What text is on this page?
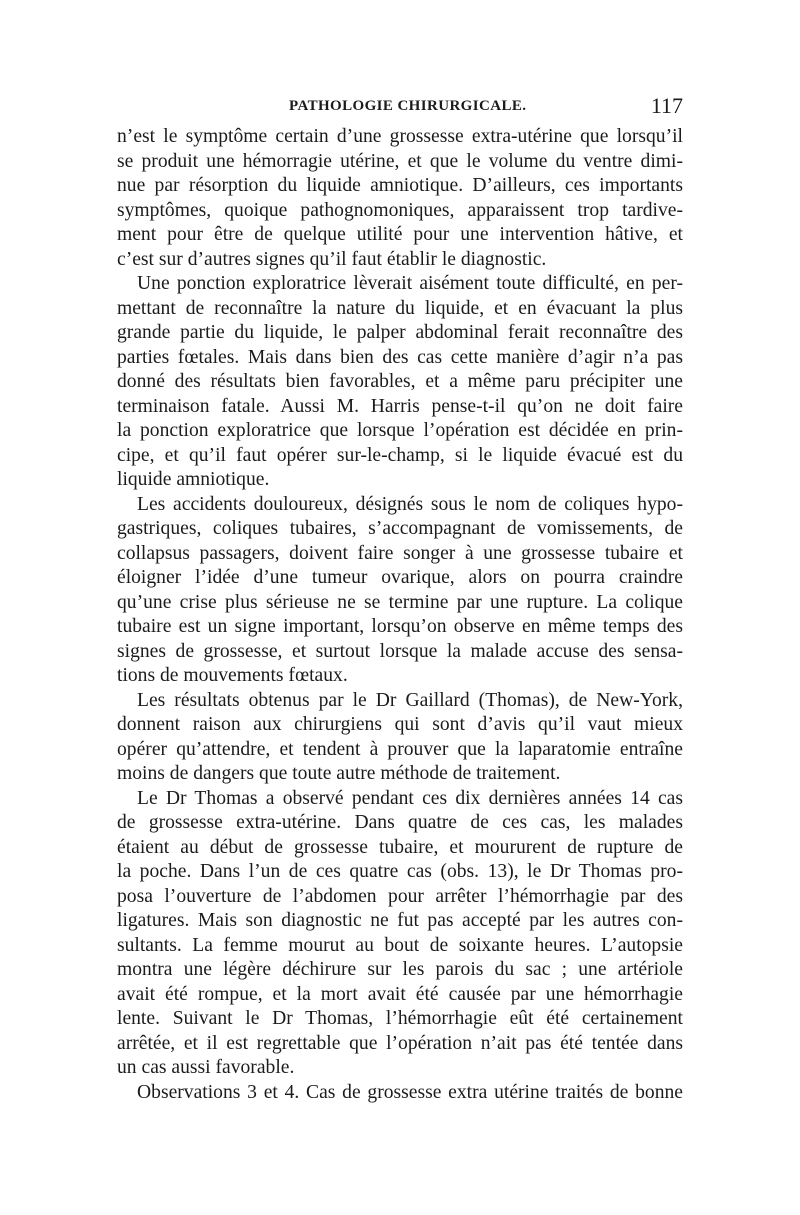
PATHOLOGIE CHIRURGICALE.	117
n’est le symptôme certain d’une grossesse extra-utérine que lorsqu’il
se produit une hémorragie utérine, et que le volume du ventre dimi-
nue par résorption du liquide amniotique. D’ailleurs, ces importants
symptômes, quoique pathognomoniques, apparaissent trop tardive-
ment pour être de quelque utilité pour une intervention hâtive, et
c’est sur d’autres signes qu’il faut établir le diagnostic.
Une ponction exploratrice lèverait aisément toute difficulté, en per-
mettant de reconnaître la nature du liquide, et en évacuant la plus
grande partie du liquide, le palper abdominal ferait reconnaître des
parties fœtales. Mais dans bien des cas cette manière d’agir n’a pas
donné des résultats bien favorables, et a même paru précipiter une
terminaison fatale. Aussi M. Harris pense-t-il qu’on ne doit faire
la ponction exploratrice que lorsque l’opération est décidée en prin-
cipe, et qu’il faut opérer sur-le-champ, si le liquide évacué est du
liquide amniotique.
Les accidents douloureux, désignés sous le nom de coliques hypo-
gastriques, coliques tubaires, s’accompagnant de vomissements, de
collapsus passagers, doivent faire songer à une grossesse tubaire et
éloigner l’idée d’une tumeur ovarique, alors on pourra craindre
qu’une crise plus sérieuse ne se termine par une rupture. La colique
tubaire est un signe important, lorsqu’on observe en même temps des
signes de grossesse, et surtout lorsque la malade accuse des sensa-
tions de mouvements fœtaux.
Les résultats obtenus par le Dr Gaillard (Thomas), de New-York,
donnent raison aux chirurgiens qui sont d’avis qu’il vaut mieux
opérer qu’attendre, et tendent à prouver que la laparatomie entraîne
moins de dangers que toute autre méthode de traitement.
Le Dr Thomas a observé pendant ces dix dernières années 14 cas
de grossesse extra-utérine. Dans quatre de ces cas, les malades
étaient au début de grossesse tubaire, et moururent de rupture de
la poche. Dans l’un de ces quatre cas (obs. 13), le Dr Thomas pro-
posa l’ouverture de l’abdomen pour arrêter l’hémorrhagie par des
ligatures. Mais son diagnostic ne fut pas accepté par les autres con-
sultants. La femme mourut au bout de soixante heures. L’autopsie
montra une légère déchirure sur les parois du sac ; une artériole
avait été rompue, et la mort avait été causée par une hémorrhagie
lente. Suivant le Dr Thomas, l’hémorrhagie eût été certainement
arrêtée, et il est regrettable que l’opération n’ait pas été tentée dans
un cas aussi favorable.
Observations 3 et 4. Cas de grossesse extra utérine traités de bonne
